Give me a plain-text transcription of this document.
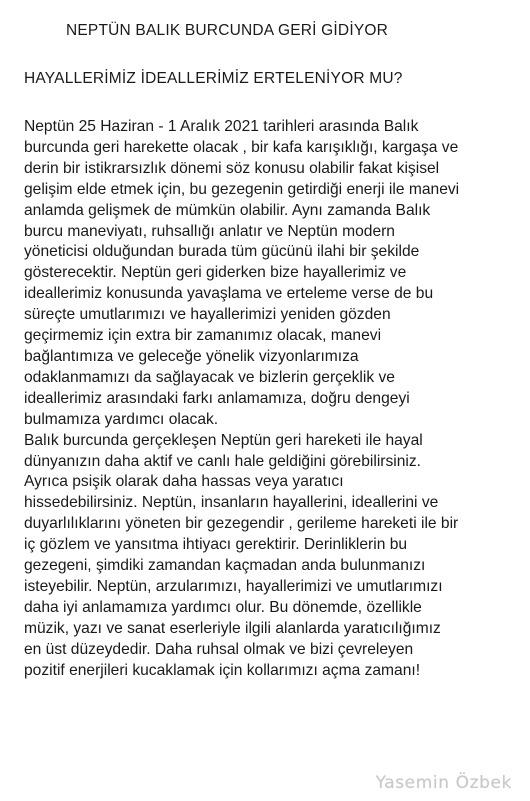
NEPTÜN BALIK BURCUNDA GERİ GİDİYOR
HAYALLERİMİZ İDEALLERİMİZ ERTELENİYOR MU?
Neptün 25 Haziran - 1 Aralık 2021 tarihleri arasında Balık
burcunda geri harekette olacak , bir kafa karışıklığı, kargaşa ve
derin bir istikrarsızlık dönemi söz konusu olabilir fakat kişisel
gelişim elde etmek için, bu gezegenin getirdiği enerji ile manevi
anlamda gelişmek de mümkün olabilir. Aynı zamanda Balık
burcu maneviyatı, ruhsallığı anlatır ve Neptün modern
yöneticisi olduğundan burada tüm gücünü ilahi bir şekilde
gösterecektir. Neptün geri giderken bize hayallerimiz ve
ideallerimiz konusunda yavaşlama ve erteleme verse de bu
süreçte umutlarımızı ve hayallerimizi yeniden gözden
geçirmemiz için extra bir zamanımız olacak, manevi
bağlantımıza ve geleceğe yönelik vizyonlarımıza
odaklanmamızı da sağlayacak ve bizlerin gerçeklik ve
ideallerimiz arasındaki farkı anlamamıza, doğru dengeyi
bulmamıza yardımcı olacak.
Balık burcunda gerçekleşen Neptün geri hareketi ile hayal
dünyanızın daha aktif ve canlı hale geldiğini görebilirsiniz.
Ayrıca psişik olarak daha hassas veya yaratıcı
hissedebilirsiniz. Neptün, insanların hayallerini, ideallerini ve
duyarlılıklarını yöneten bir gezegendir , gerileme hareketi ile bir
iç gözlem ve yansıtma ihtiyacı gerektirir. Derinliklerin bu
gezegeni, şimdiki zamandan kaçmadan anda bulunmanızı
isteyebilir. Neptün, arzularımızı, hayallerimizi ve umutlarımızı
daha iyi anlamamıza yardımcı olur. Bu dönemde, özellikle
müzik, yazı ve sanat eserleriyle ilgili alanlarda yaratıcılığımız
en üst düzeydedir. Daha ruhsal olmak ve bizi çevreleyen
pozitif enerjileri kucaklamak için kollarımızı açma zamanı!
Yasemin Özbek
